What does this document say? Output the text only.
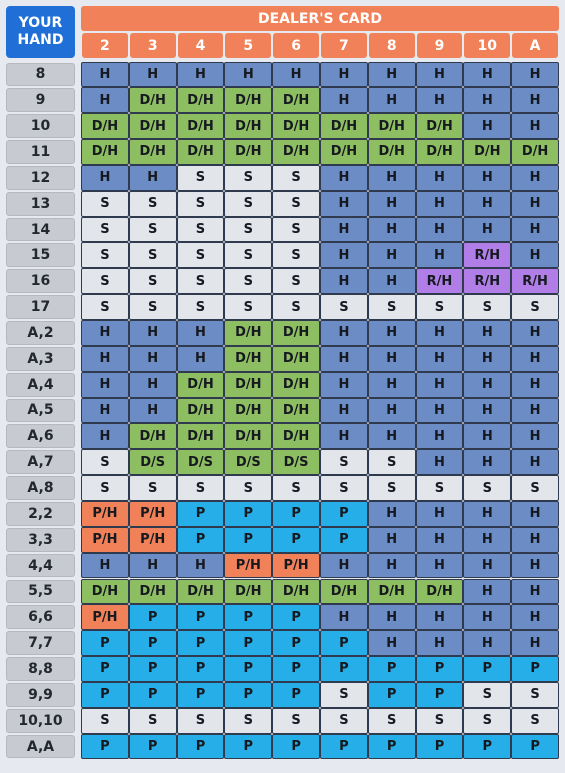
YOUR
HAND
DEALER'S CARD
2	3	4	5	6	7	8	9	10	A
8	H	H	H	H	H	H	H	H	H	H
9	H	D/H	D/H	D/H	D/H	H	H	H	H	H
10	D/H	D/H	D/H	D/H	D/H	D/H	D/H	D/H	H	H
11	D/H	D/H	D/H	D/H	D/H	D/H	D/H	D/H	D/H	D/H
12	H	H	S	S	S	H	H	H	H	H
13	S	S	S	S	S	H	H	H	H	H
14	S	S	S	S	S	H	H	H	H	H
15	S	S	S	S	S	H	H	H	R/H	H
16	S	S	S	S	S	H	H	R/H	R/H	R/H
17	S	S	S	S	S	S	S	S	S	S
A,2	H	H	H	D/H	D/H	H	H	H	H	H
A,3	H	H	H	D/H	D/H	H	H	H	H	H
A,4	H	H	D/H	D/H	D/H	H	H	H	H	H
A,5	H	H	D/H	D/H	D/H	H	H	H	H	H
A,6	H	D/H	D/H	D/H	D/H	H	H	H	H	H
A,7	S	D/S	D/S	D/S	D/S	S	S	H	H	H
A,8	S	S	S	S	S	S	S	S	S	S
2,2	P/H	P/H	P	P	P	P	H	H	H	H
3,3	P/H	P/H	P	P	P	P	H	H	H	H
4,4	H	H	H	P/H	P/H	H	H	H	H	H
5,5	D/H	D/H	D/H	D/H	D/H	D/H	D/H	D/H	H	H
6,6	P/H	P	P	P	P	H	H	H	H	H
7,7	P	P	P	P	P	P	H	H	H	H
8,8	P	P	P	P	P	P	P	P	P	P
9,9	P	P	P	P	P	S	P	P	S	S
10,10	S	S	S	S	S	S	S	S	S	S
A,A	P	P	P	P	P	P	P	P	P	P
